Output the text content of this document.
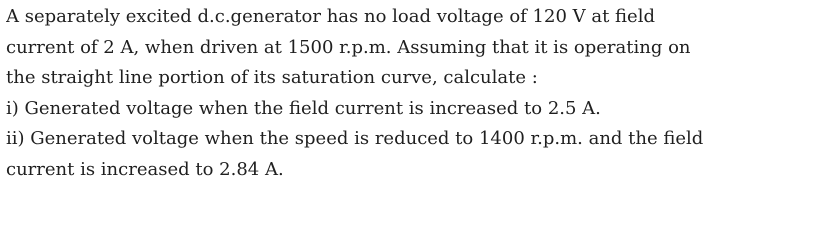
A separately excited d.c.generator has no load voltage of 120 V at field
current of 2 A, when driven at 1500 r.p.m. Assuming that it is operating on
the straight line portion of its saturation curve, calculate :
i) Generated voltage when the field current is increased to 2.5 A.
ii) Generated voltage when the speed is reduced to 1400 r.p.m. and the field
current is increased to 2.84 A.
